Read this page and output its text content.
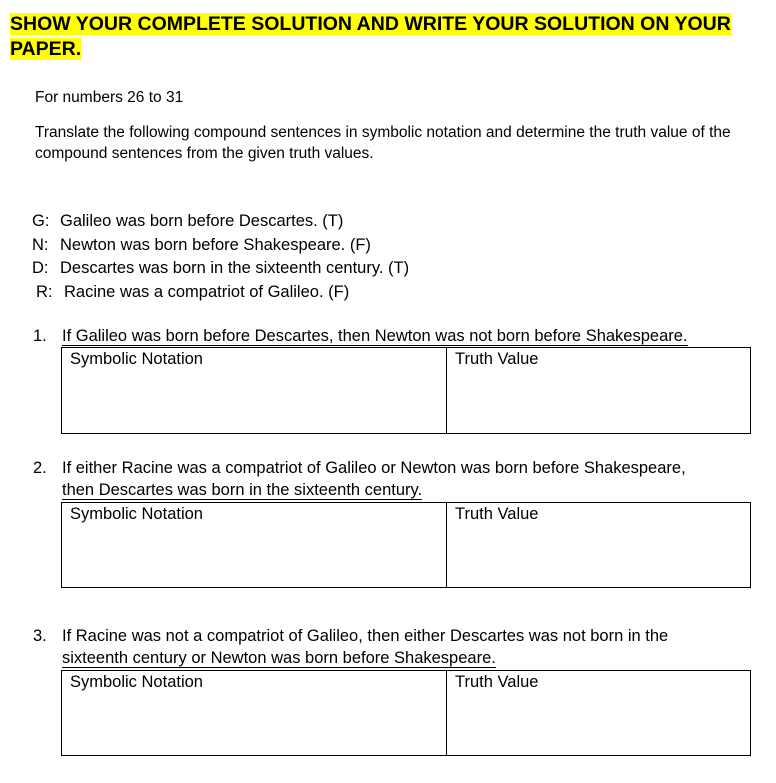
SHOW YOUR COMPLETE SOLUTION AND WRITE YOUR SOLUTION ON YOUR PAPER.
For numbers 26 to 31
Translate the following compound sentences in symbolic notation and determine the truth value of the compound sentences from the given truth values.
G: Galileo was born before Descartes. (T)
N: Newton was born before Shakespeare. (F)
D: Descartes was born in the sixteenth century. (T)
R: Racine was a compatriot of Galileo. (F)
1. If Galileo was born before Descartes, then Newton was not born before Shakespeare.
Symbolic Notation	Truth Value
2. If either Racine was a compatriot of Galileo or Newton was born before Shakespeare,
then Descartes was born in the sixteenth century.
Symbolic Notation	Truth Value
3. If Racine was not a compatriot of Galileo, then either Descartes was not born in the
sixteenth century or Newton was born before Shakespeare.
Symbolic Notation	Truth Value
